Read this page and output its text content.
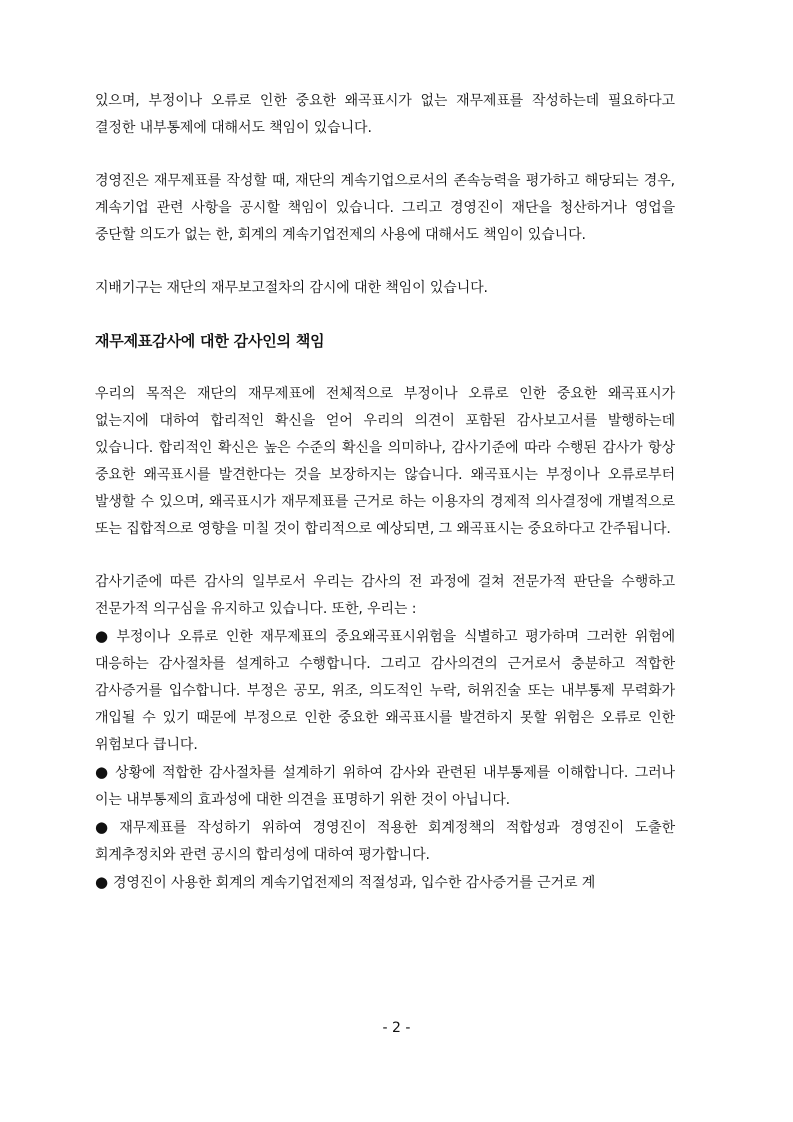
있으며, 부정이나 오류로 인한 중요한 왜곡표시가 없는 재무제표를 작성하는데 필요하다고 결정한 내부통제에 대해서도 책임이 있습니다.

경영진은 재무제표를 작성할 때, 재단의 계속기업으로서의 존속능력을 평가하고 해당되는 경우, 계속기업 관련 사항을 공시할 책임이 있습니다. 그리고 경영진이 재단을 청산하거나 영업을 중단할 의도가 없는 한, 회계의 계속기업전제의 사용에 대해서도 책임이 있습니다.

지배기구는 재단의 재무보고절차의 감시에 대한 책임이 있습니다.

재무제표감사에 대한 감사인의 책임

우리의 목적은 재단의 재무제표에 전체적으로 부정이나 오류로 인한 중요한 왜곡표시가 없는지에 대하여 합리적인 확신을 얻어 우리의 의견이 포함된 감사보고서를 발행하는데 있습니다. 합리적인 확신은 높은 수준의 확신을 의미하나, 감사기준에 따라 수행된 감사가 항상 중요한 왜곡표시를 발견한다는 것을 보장하지는 않습니다. 왜곡표시는 부정이나 오류로부터 발생할 수 있으며, 왜곡표시가 재무제표를 근거로 하는 이용자의 경제적 의사결정에 개별적으로 또는 집합적으로 영향을 미칠 것이 합리적으로 예상되면, 그 왜곡표시는 중요하다고 간주됩니다.

감사기준에 따른 감사의 일부로서 우리는 감사의 전 과정에 걸쳐 전문가적 판단을 수행하고 전문가적 의구심을 유지하고 있습니다. 또한, 우리는 :

● 부정이나 오류로 인한 재무제표의 중요왜곡표시위험을 식별하고 평가하며 그러한 위험에 대응하는 감사절차를 설계하고 수행합니다. 그리고 감사의견의 근거로서 충분하고 적합한 감사증거를 입수합니다. 부정은 공모, 위조, 의도적인 누락, 허위진술 또는 내부통제 무력화가 개입될 수 있기 때문에 부정으로 인한 중요한 왜곡표시를 발견하지 못할 위험은 오류로 인한 위험보다 큽니다.

● 상황에 적합한 감사절차를 설계하기 위하여 감사와 관련된 내부통제를 이해합니다. 그러나 이는 내부통제의 효과성에 대한 의견을 표명하기 위한 것이 아닙니다.

● 재무제표를 작성하기 위하여 경영진이 적용한 회계정책의 적합성과 경영진이 도출한 회계추정치와 관련 공시의 합리성에 대하여 평가합니다.

● 경영진이 사용한 회계의 계속기업전제의 적절성과, 입수한 감사증거를 근거로 계

- 2 -
